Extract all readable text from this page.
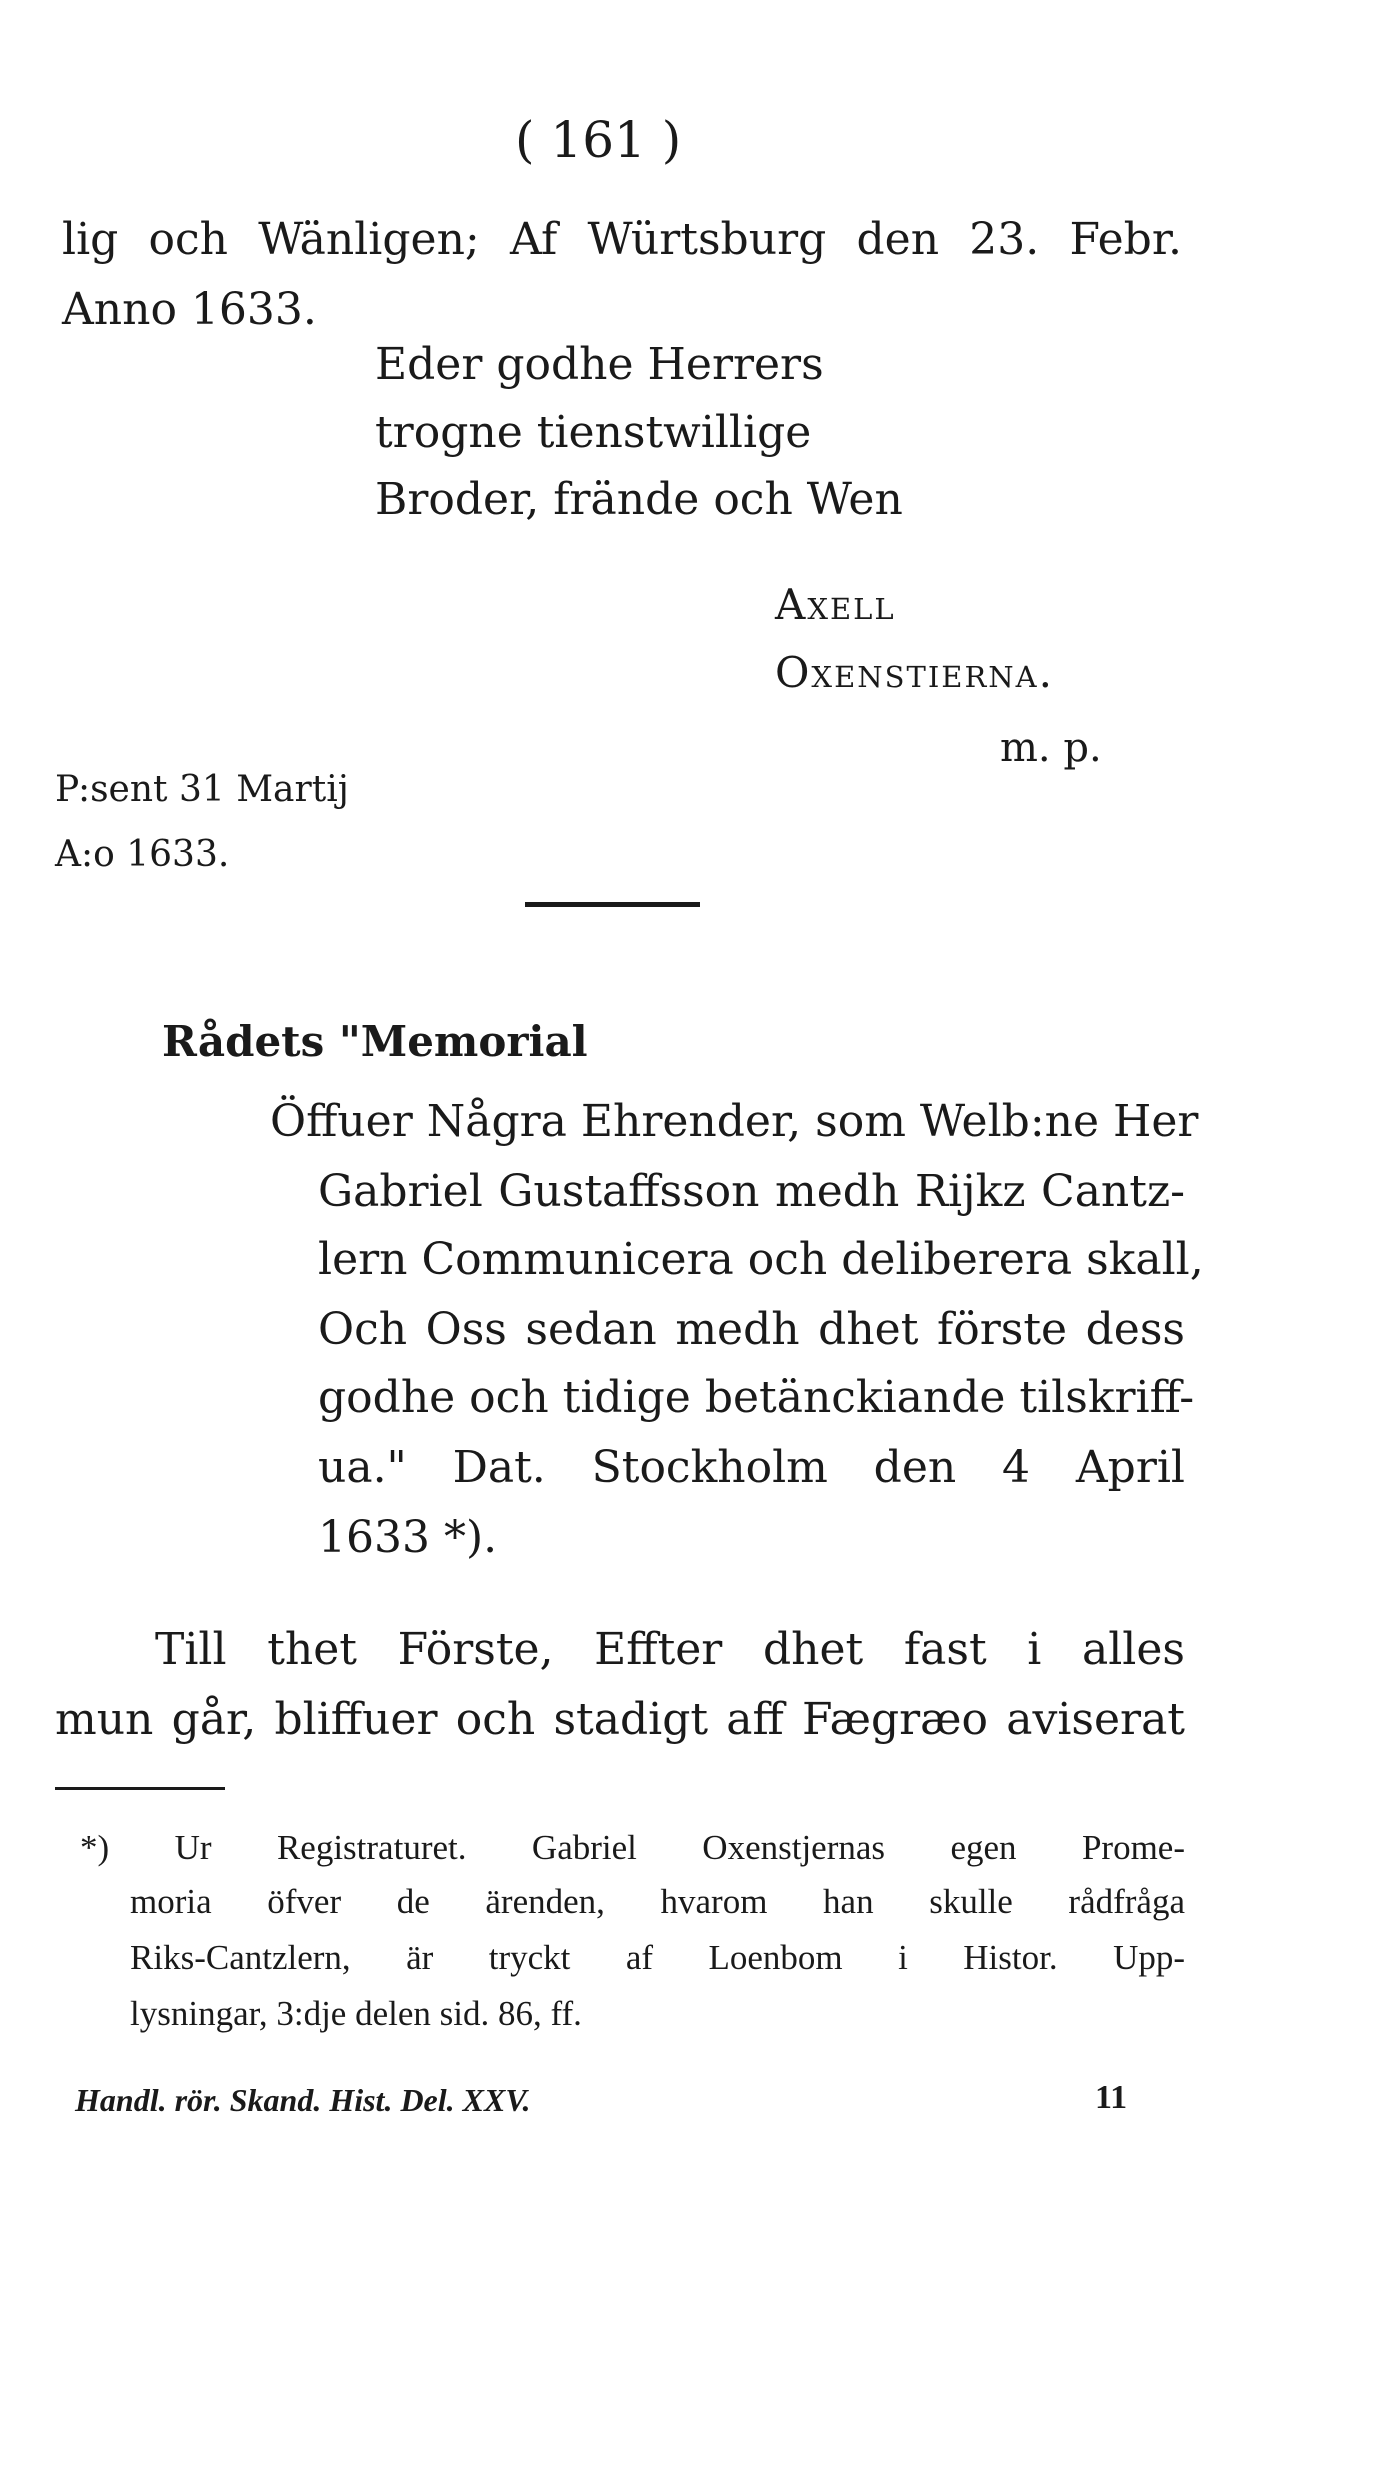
( 161 )
lig och Wänligen; Af Würtsburg den 23. Febr.
Anno 1633.
Eder godhe Herrers
trogne tienstwillige
Broder, frände och Wen
Axell
Oxenstierna.
m. p.
P:sent 31 Martij
A:o 1633.
Rådets "Memorial
Öffuer Några Ehrender, som Welb:ne Her
Gabriel Gustaffsson medh Rijkz Cantz-
lern Communicera och deliberera skall,
Och Oss sedan medh dhet förste dess
godhe och tidige betänckiande tilskriff-
ua." Dat. Stockholm den 4 April
1633 *).
Till thet Förste, Effter dhet fast i alles
mun går, bliffuer och stadigt aff Fægræo aviserat
*) Ur Registraturet. Gabriel Oxenstjernas egen Prome-
moria öfver de ärenden, hvarom han skulle rådfråga
Riks-Cantzlern, är tryckt af Loenbom i Histor. Upp-
lysningar, 3:dje delen sid. 86, ff.
Handl. rör. Skand. Hist. Del. XXV.	11
